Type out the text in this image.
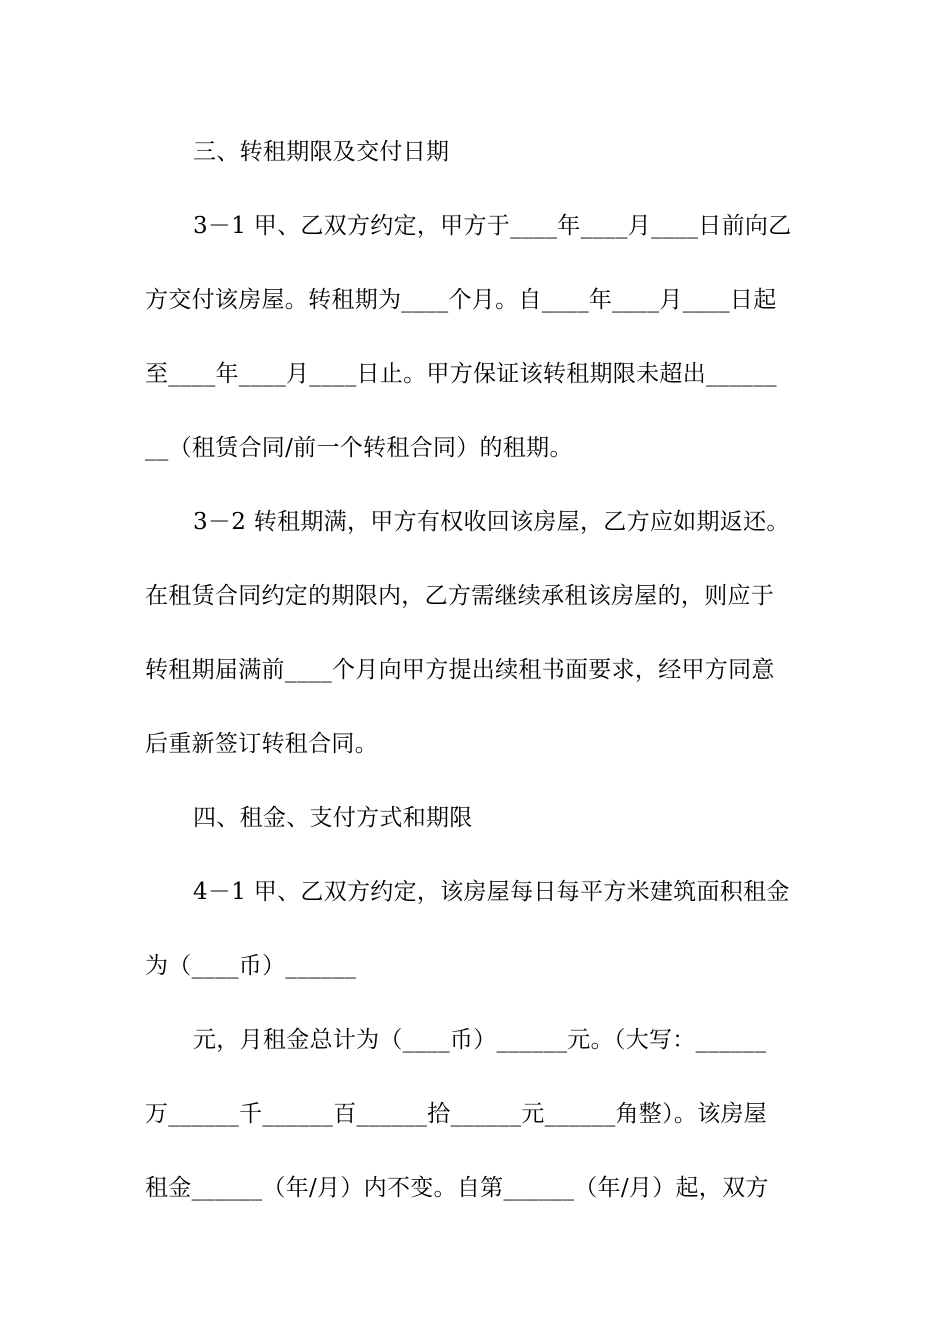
三、转租期限及交付日期
3－1 甲、乙双方约定，甲方于____年____月____日前向乙
方交付该房屋。转租期为____个月。自____年____月____日起
至____年____月____日止。甲方保证该转租期限未超出______
__（租赁合同/前一个转租合同）的租期。
3－2 转租期满，甲方有权收回该房屋，乙方应如期返还。
在租赁合同约定的期限内，乙方需继续承租该房屋的，则应于
转租期届满前____个月向甲方提出续租书面要求，经甲方同意
后重新签订转租合同。
四、租金、支付方式和期限
4－1 甲、乙双方约定，该房屋每日每平方米建筑面积租金
为（____币）______
元，月租金总计为（____币）______元。（大写：______
万______千______百______拾______元______角整）。该房屋
租金______（年/月）内不变。自第______（年/月）起，双方
